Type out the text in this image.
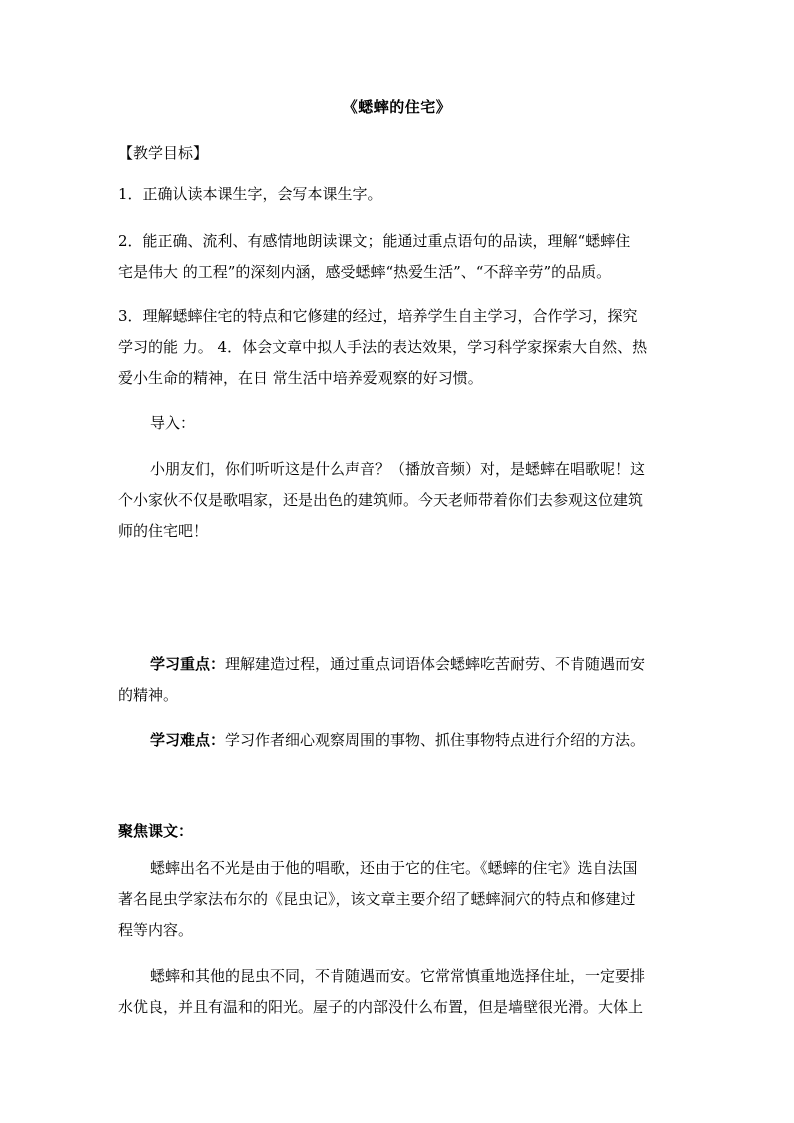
《蟋蟀的住宅》
【教学目标】
1．正确认读本课生字，会写本课生字。
2．能正确、流利、有感情地朗读课文；能通过重点语句的品读，理解“蟋蟀住
宅是伟大 的工程”的深刻内涵，感受蟋蟀“热爱生活”、“不辞辛劳”的品质。
3．理解蟋蟀住宅的特点和它修建的经过，培养学生自主学习，合作学习，探究
学习的能 力。 4．体会文章中拟人手法的表达效果，学习科学家探索大自然、热
爱小生命的精神，在日 常生活中培养爱观察的好习惯。
导入：
小朋友们，你们听听这是什么声音？（播放音频）对，是蟋蟀在唱歌呢！这
个小家伙不仅是歌唱家，还是出色的建筑师。今天老师带着你们去参观这位建筑
师的住宅吧！
学习重点：理解建造过程，通过重点词语体会蟋蟀吃苦耐劳、不肯随遇而安
的精神。
学习难点：学习作者细心观察周围的事物、抓住事物特点进行介绍的方法。
聚焦课文：
蟋蟀出名不光是由于他的唱歌，还由于它的住宅。《蟋蟀的住宅》选自法国
著名昆虫学家法布尔的《昆虫记》，该文章主要介绍了蟋蟀洞穴的特点和修建过
程等内容。
蟋蟀和其他的昆虫不同，不肯随遇而安。它常常慎重地选择住址，一定要排
水优良，并且有温和的阳光。屋子的内部没什么布置，但是墙壁很光滑。大体上
